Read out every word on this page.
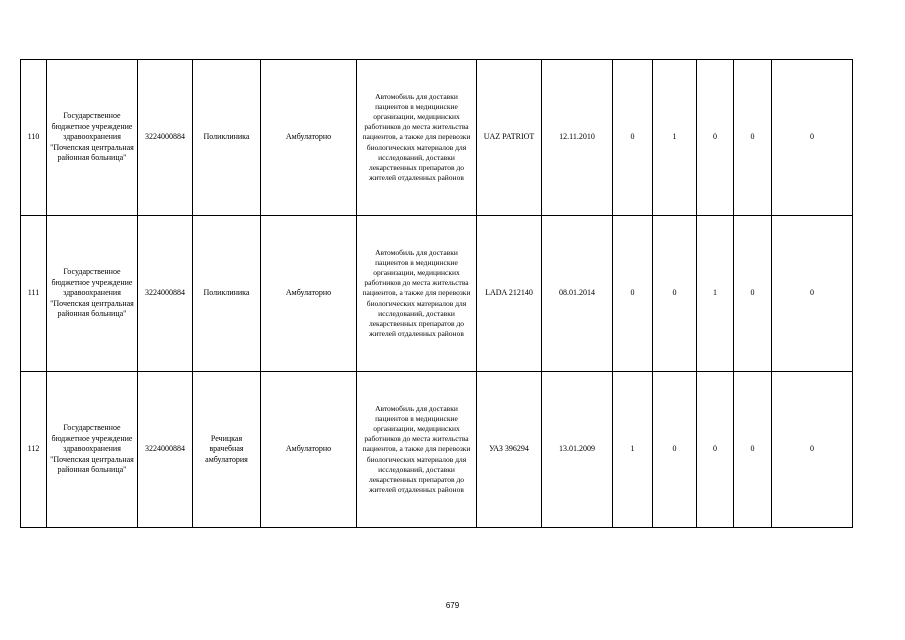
110	Государственное бюджетное учреждение здравоохранения "Почепская центральная районная больница"	3224000884	Поликлиника	Амбулаторно	Автомобиль для доставки пациентов в медицинские организации, медицинских работников до места жительства пациентов, а также для перевозки биологических материалов для исследований, доставки лекарственных препаратов до жителей отдаленных районов	UAZ PATRIOT	12.11.2010	0	1	0	0	0
111	Государственное бюджетное учреждение здравоохранения "Почепская центральная районная больница"	3224000884	Поликлиника	Амбулаторно	Автомобиль для доставки пациентов в медицинские организации, медицинских работников до места жительства пациентов, а также для перевозки биологических материалов для исследований, доставки лекарственных препаратов до жителей отдаленных районов	LADA 212140	08.01.2014	0	0	1	0	0
112	Государственное бюджетное учреждение здравоохранения "Почепская центральная районная больница"	3224000884	Речицкая врачебная амбулатория	Амбулаторно	Автомобиль для доставки пациентов в медицинские организации, медицинских работников до места жительства пациентов, а также для перевозки биологических материалов для исследований, доставки лекарственных препаратов до жителей отдаленных районов	УАЗ 396294	13.01.2009	1	0	0	0	0
679
